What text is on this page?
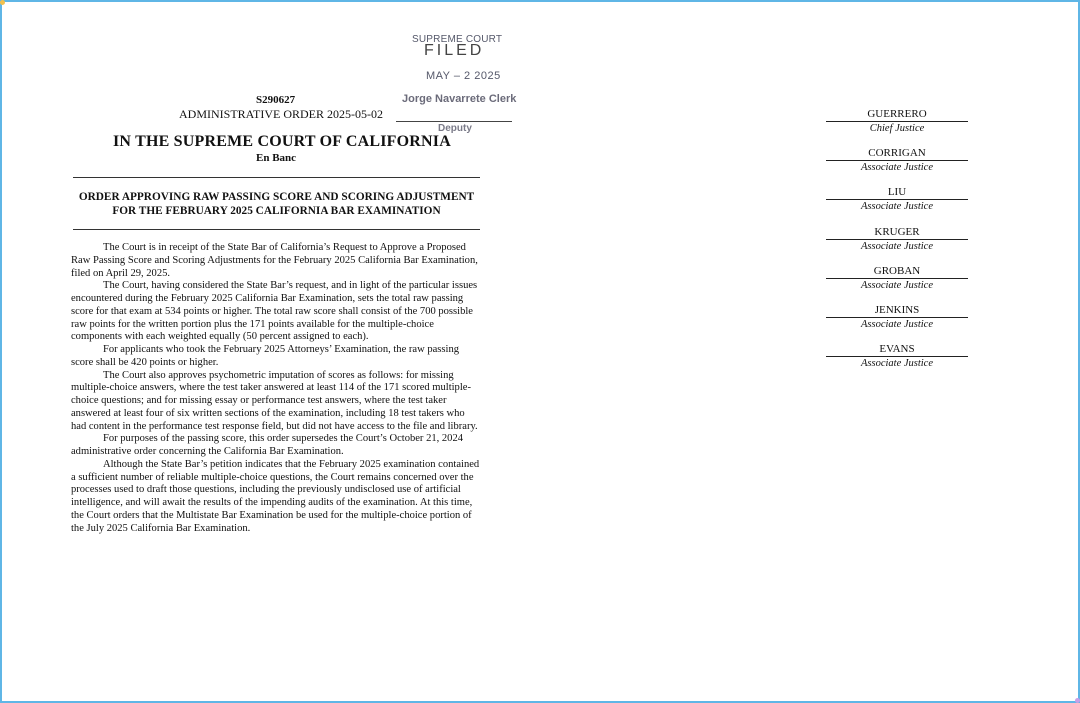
SUPREME COURT
FILED
MAY – 2 2025
Jorge Navarrete Clerk
Deputy
S290627
ADMINISTRATIVE ORDER 2025-05-02
IN THE SUPREME COURT OF CALIFORNIA
En Banc
ORDER APPROVING RAW PASSING SCORE AND SCORING ADJUSTMENT
FOR THE FEBRUARY 2025 CALIFORNIA BAR EXAMINATION

The Court is in receipt of the State Bar of California’s Request to Approve a Proposed Raw Passing Score and Scoring Adjustments for the February 2025 California Bar Examination, filed on April 29, 2025.

The Court, having considered the State Bar’s request, and in light of the particular issues encountered during the February 2025 California Bar Examination, sets the total raw passing score for that exam at 534 points or higher. The total raw score shall consist of the 700 possible raw points for the written portion plus the 171 points available for the multiple-choice components with each weighted equally (50 percent assigned to each).

For applicants who took the February 2025 Attorneys’ Examination, the raw passing score shall be 420 points or higher.

The Court also approves psychometric imputation of scores as follows: for missing multiple-choice answers, where the test taker answered at least 114 of the 171 scored multiple-choice questions; and for missing essay or performance test answers, where the test taker answered at least four of six written sections of the examination, including 18 test takers who had content in the performance test response field, but did not have access to the file and library.

For purposes of the passing score, this order supersedes the Court’s October 21, 2024 administrative order concerning the California Bar Examination.

Although the State Bar’s petition indicates that the February 2025 examination contained a sufficient number of reliable multiple-choice questions, the Court remains concerned over the processes used to draft those questions, including the previously undisclosed use of artificial intelligence, and will await the results of the impending audits of the examination. At this time, the Court orders that the Multistate Bar Examination be used for the multiple-choice portion of the July 2025 California Bar Examination.

GUERRERO
Chief Justice
CORRIGAN
Associate Justice
LIU
Associate Justice
KRUGER
Associate Justice
GROBAN
Associate Justice
JENKINS
Associate Justice
EVANS
Associate Justice
